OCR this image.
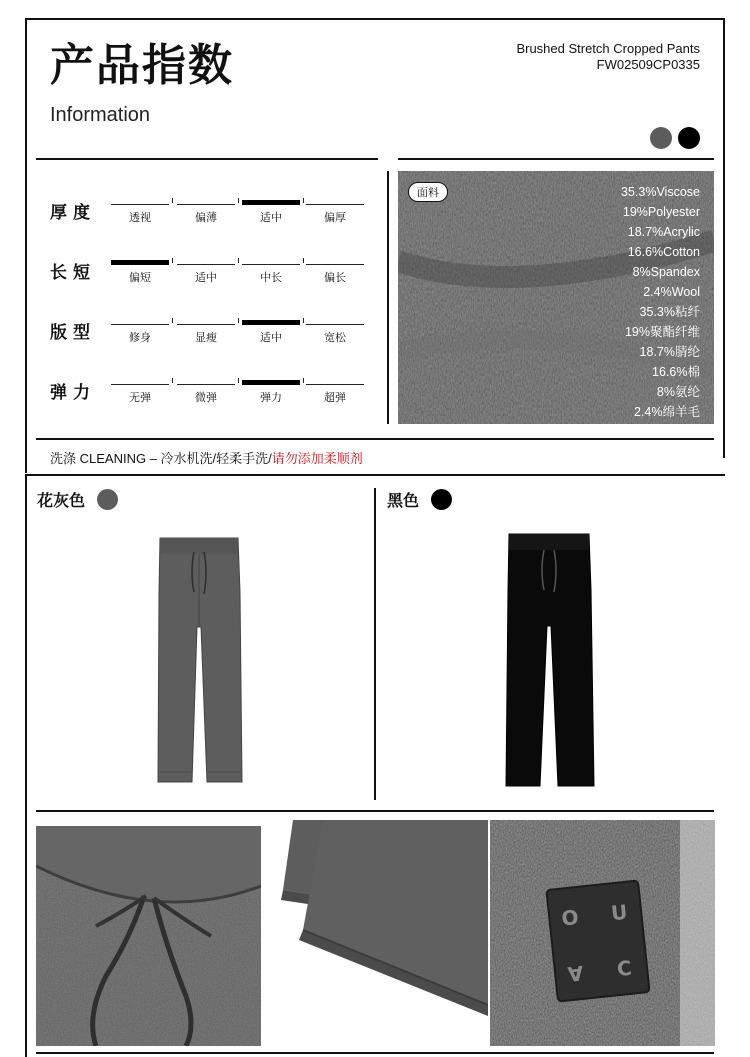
产品指数
Information
Brushed Stretch Cropped Pants
FW02509CP0335
厚度	透视	偏薄	适中	偏厚
长短	偏短	适中	中长	偏长
版型	修身	显瘦	适中	宽松
弹力	无弹	微弹	弹力	超弹
面料	35.3%Viscose
19%Polyester
18.7%Acrylic
16.6%Cotton
8%Spandex
2.4%Wool
35.3%粘纤
19%聚酯纤维
18.7%腈纶
16.6%棉
8%氨纶
2.4%绵羊毛
洗涤 CLEANING – 冷水机洗/轻柔手洗/请勿添加柔顺剂
花灰色	黑色
O U
A C
